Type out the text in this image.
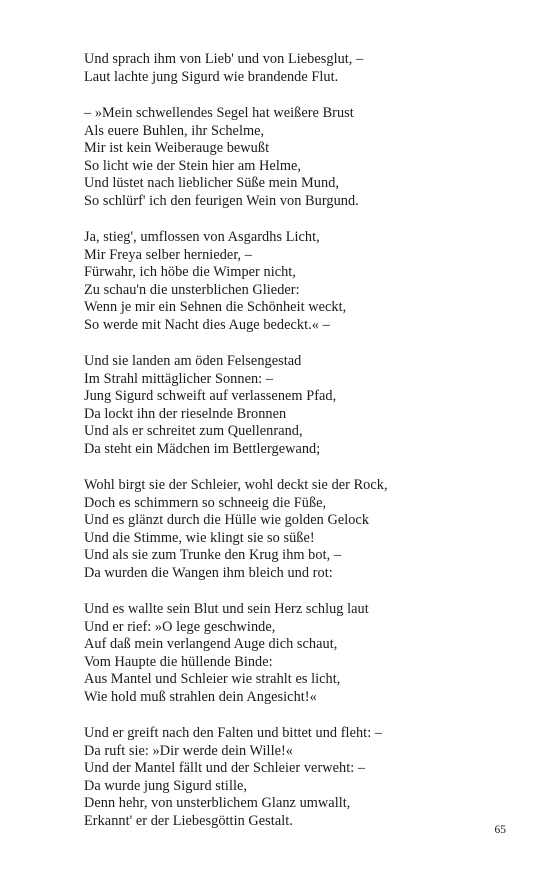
Und sprach ihm von Lieb' und von Liebesglut, –
Laut lachte jung Sigurd wie brandende Flut.
– »Mein schwellendes Segel hat weißere Brust
Als euere Buhlen, ihr Schelme,
Mir ist kein Weiberauge bewußt
So licht wie der Stein hier am Helme,
Und lüstet nach lieblicher Süße mein Mund,
So schlürf' ich den feurigen Wein von Burgund.
Ja, stieg', umflossen von Asgardhs Licht,
Mir Freya selber hernieder, –
Fürwahr, ich höbe die Wimper nicht,
Zu schau'n die unsterblichen Glieder:
Wenn je mir ein Sehnen die Schönheit weckt,
So werde mit Nacht dies Auge bedeckt.« –
Und sie landen am öden Felsengestad
Im Strahl mittäglicher Sonnen: –
Jung Sigurd schweift auf verlassenem Pfad,
Da lockt ihn der rieselnde Bronnen
Und als er schreitet zum Quellenrand,
Da steht ein Mädchen im Bettlergewand;
Wohl birgt sie der Schleier, wohl deckt sie der Rock,
Doch es schimmern so schneeig die Füße,
Und es glänzt durch die Hülle wie golden Gelock
Und die Stimme, wie klingt sie so süße!
Und als sie zum Trunke den Krug ihm bot, –
Da wurden die Wangen ihm bleich und rot:
Und es wallte sein Blut und sein Herz schlug laut
Und er rief: »O lege geschwinde,
Auf daß mein verlangend Auge dich schaut,
Vom Haupte die hüllende Binde:
Aus Mantel und Schleier wie strahlt es licht,
Wie hold muß strahlen dein Angesicht!«
Und er greift nach den Falten und bittet und fleht: –
Da ruft sie: »Dir werde dein Wille!«
Und der Mantel fällt und der Schleier verweht: –
Da wurde jung Sigurd stille,
Denn hehr, von unsterblichem Glanz umwallt,
Erkannt' er der Liebesgöttin Gestalt.
65
